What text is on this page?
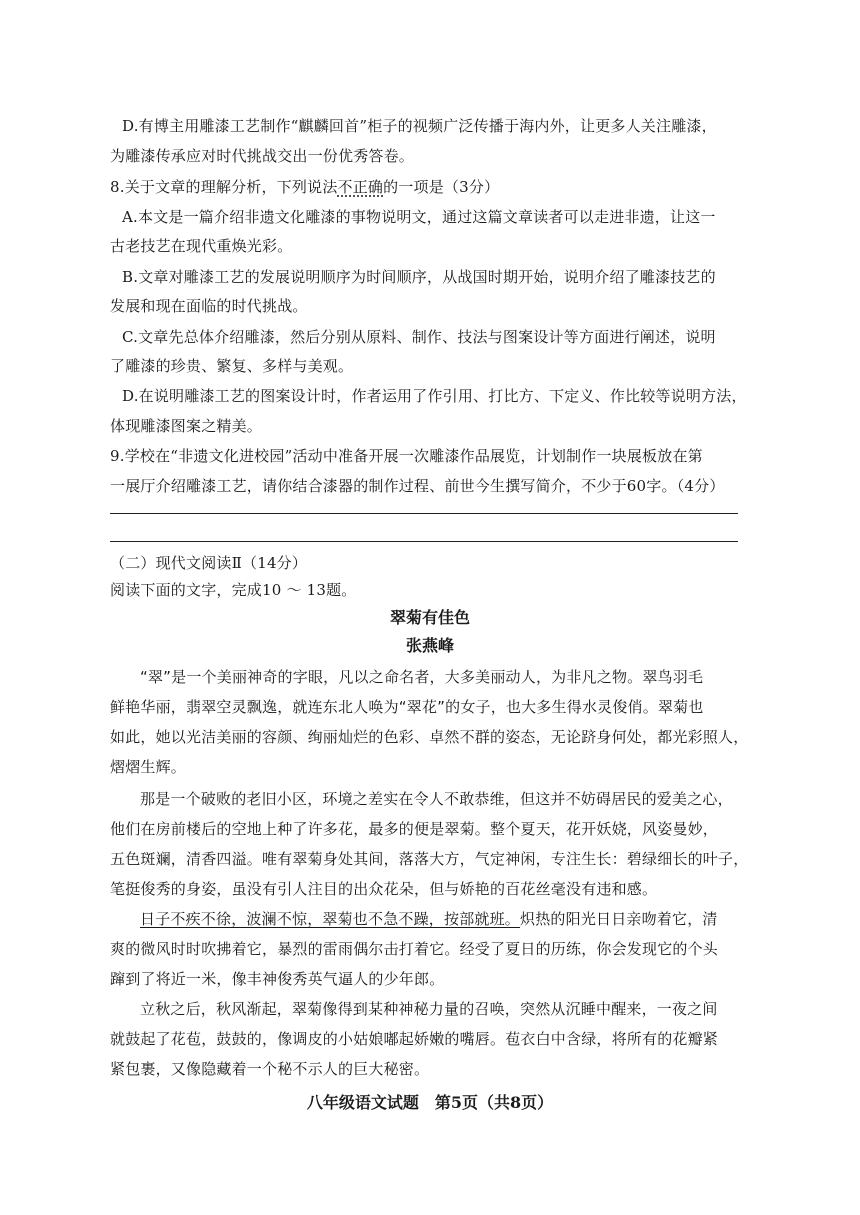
D.有博主用雕漆工艺制作“麒麟回首”柜子的视频广泛传播于海内外，让更多人关注雕漆，
为雕漆传承应对时代挑战交出一份优秀答卷。
8.关于文章的理解分析，下列说法不正确的一项是（3分）
A.本文是一篇介绍非遗文化雕漆的事物说明文，通过这篇文章读者可以走进非遗，让这一
古老技艺在现代重焕光彩。
B.文章对雕漆工艺的发展说明顺序为时间顺序，从战国时期开始，说明介绍了雕漆技艺的
发展和现在面临的时代挑战。
C.文章先总体介绍雕漆，然后分别从原料、制作、技法与图案设计等方面进行阐述，说明
了雕漆的珍贵、繁复、多样与美观。
D.在说明雕漆工艺的图案设计时，作者运用了作引用、打比方、下定义、作比较等说明方法，
体现雕漆图案之精美。
9.学校在“非遗文化进校园”活动中准备开展一次雕漆作品展览，计划制作一块展板放在第
一展厅介绍雕漆工艺，请你结合漆器的制作过程、前世今生撰写简介，不少于60字。（4分）
（二）现代文阅读Ⅱ（14分）
阅读下面的文字，完成10 ～ 13题。
翠菊有佳色
张燕峰
“翠”是一个美丽神奇的字眼，凡以之命名者，大多美丽动人，为非凡之物。翠鸟羽毛
鲜艳华丽，翡翠空灵飘逸，就连东北人唤为“翠花”的女子，也大多生得水灵俊俏。翠菊也
如此，她以光洁美丽的容颜、绚丽灿烂的色彩、卓然不群的姿态，无论跻身何处，都光彩照人，
熠熠生辉。
那是一个破败的老旧小区，环境之差实在令人不敢恭维，但这并不妨碍居民的爱美之心，
他们在房前楼后的空地上种了许多花，最多的便是翠菊。整个夏天，花开妖娆，风姿曼妙，
五色斑斓，清香四溢。唯有翠菊身处其间，落落大方，气定神闲，专注生长：碧绿细长的叶子，
笔挺俊秀的身姿，虽没有引人注目的出众花朵，但与娇艳的百花丝毫没有违和感。
日子不疾不徐，波澜不惊，翠菊也不急不躁，按部就班。炽热的阳光日日亲吻着它，清
爽的微风时时吹拂着它，暴烈的雷雨偶尔击打着它。经受了夏日的历练，你会发现它的个头
蹿到了将近一米，像丰神俊秀英气逼人的少年郎。
立秋之后，秋风渐起，翠菊像得到某种神秘力量的召唤，突然从沉睡中醒来，一夜之间
就鼓起了花苞，鼓鼓的，像调皮的小姑娘嘟起娇嫩的嘴唇。苞衣白中含绿，将所有的花瓣紧
紧包裹，又像隐藏着一个秘不示人的巨大秘密。
八年级语文试题　第5页（共8页）
